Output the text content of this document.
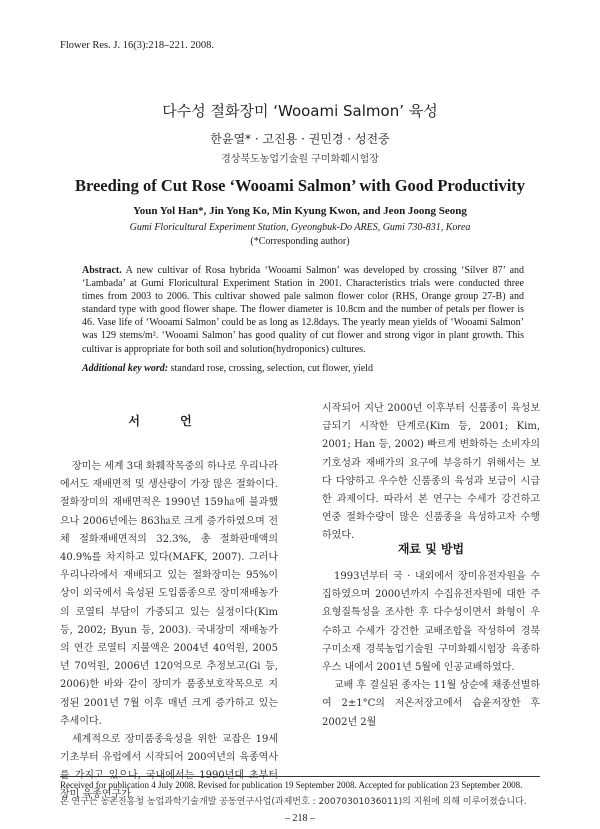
Flower Res. J. 16(3):218–221. 2008.
다수성 절화장미 ‘Wooami Salmon’ 육성
한윤열* · 고진용 · 권민경 · 성전중
경상북도농업기술원 구미화훼시험장
Breeding of Cut Rose ‘Wooami Salmon’ with Good Productivity
Youn Yol Han*, Jin Yong Ko, Min Kyung Kwon, and Jeon Joong Seong
Gumi Floricultural Experiment Station, Gyeongbuk-Do ARES, Gumi 730-831, Korea
(*Corresponding author)
Abstract. A new cultivar of Rosa hybrida ‘Wooami Salmon’ was developed by crossing ‘Silver 87’ and ‘Lambada’ at Gumi Floricultural Experiment Station in 2001. Characteristics trials were conducted three times from 2003 to 2006. This cultivar showed pale salmon flower color (RHS, Orange group 27-B) and standard type with good flower shape. The flower diameter is 10.8cm and the number of petals per flower is 46. Vase life of ‘Wooami Salmon’ could be as long as 12.8days. The yearly mean yields of ‘Wooami Salmon’ was 129 stems/m². ‘Wooami Salmon’ has good quality of cut flower and strong vigor in plant growth. This cultivar is appropriate for both soil and solution(hydroponics) cultures.
Additional key word: standard rose, crossing, selection, cut flower, yield
서 언

장미는 세계 3대 화훼작목중의 하나로 우리나라에서도 재배면적 및 생산량이 가장 많은 절화이다. 절화장미의 재배면적은 1990년 159㏊에 불과했으나 2006년에는 863㏊로 크게 증가하였으며 전체 절화재배면적의 32.3%, 총 절화판매액의 40.9%를 차지하고 있다(MAFK, 2007). 그러나 우리나라에서 재배되고 있는 절화장미는 95%이상이 외국에서 육성된 도입품종으로 장미재배농가의 로열티 부담이 가중되고 있는 실정이다(Kim 등, 2002; Byun 등, 2003). 국내장미 재배농가의 연간 로열티 지불액은 2004년 40억원, 2005년 70억원, 2006년 120억으로 추정보고(Gi 등, 2006)한 바와 같이 장미가 품종보호작목으로 지정된 2001년 7월 이후 매년 크게 증가하고 있는 추세이다.

세계적으로 장미품종육성을 위한 교잡은 19세기초부터 유럽에서 시작되어 200여년의 육종역사를 가지고 있으나, 국내에서는 1990년대 초부터 장미 육종연구가

시작되어 지난 2000년 이후부터 신품종이 육성보급되기 시작한 단계로(Kim 등, 2001; Kim, 2001; Han 등, 2002) 빠르게 변화하는 소비자의 기호성과 재배가의 요구에 부응하기 위해서는 보다 다양하고 우수한 신품종의 육성과 보급이 시급한 과제이다. 따라서 본 연구는 수세가 강건하고 연중 절화수량이 많은 신품종을 육성하고자 수행하였다.

재료 및 방법

1993년부터 국 · 내외에서 장미유전자원을 수집하였으며 2000년까지 수집유전자원에 대한 주요형질특성을 조사한 후 다수성이면서 화형이 우수하고 수세가 강건한 교배조합을 작성하여 경북 구미소재 경북농업기술원 구미화훼시험장 육종하우스 내에서 2001년 5월에 인공교배하였다.

교배 후 결실된 종자는 11월 상순에 채종선별하여 2±1°C의 저온저장고에서 습윤저장한 후 2002년 2월

Received for publication 4 July 2008. Revised for publication 19 September 2008. Accepted for publication 23 September 2008.
본 연구는 농촌진흥청 농업과학기술개발 공동연구사업(과제번호 : 20070301036011)의 지원에 의해 이루어졌습니다.
– 218 –
